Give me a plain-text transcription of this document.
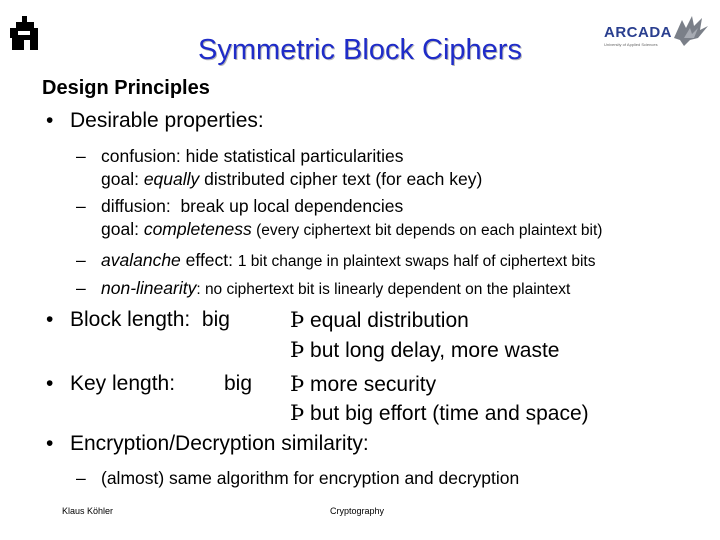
ARCADA
University of Applied Sciences
Symmetric Block Ciphers
Design Principles
• Desirable properties:
– confusion: hide statistical particularities
goal: equally distributed cipher text (for each key)
– diffusion:  break up local dependencies
goal: completeness (every ciphertext bit depends on each plaintext bit)
– avalanche effect: 1 bit change in plaintext swaps half of ciphertext bits
– non-linearity: no ciphertext bit is linearly dependent on the plaintext
• Block length:  big	Þ equal distribution
Þ but long delay, more waste
• Key length: big Þ more security
Þ but big effort (time and space)
• Encryption/Decryption similarity:
– (almost) same algorithm for encryption and decryption
Klaus Köhler	Cryptography
